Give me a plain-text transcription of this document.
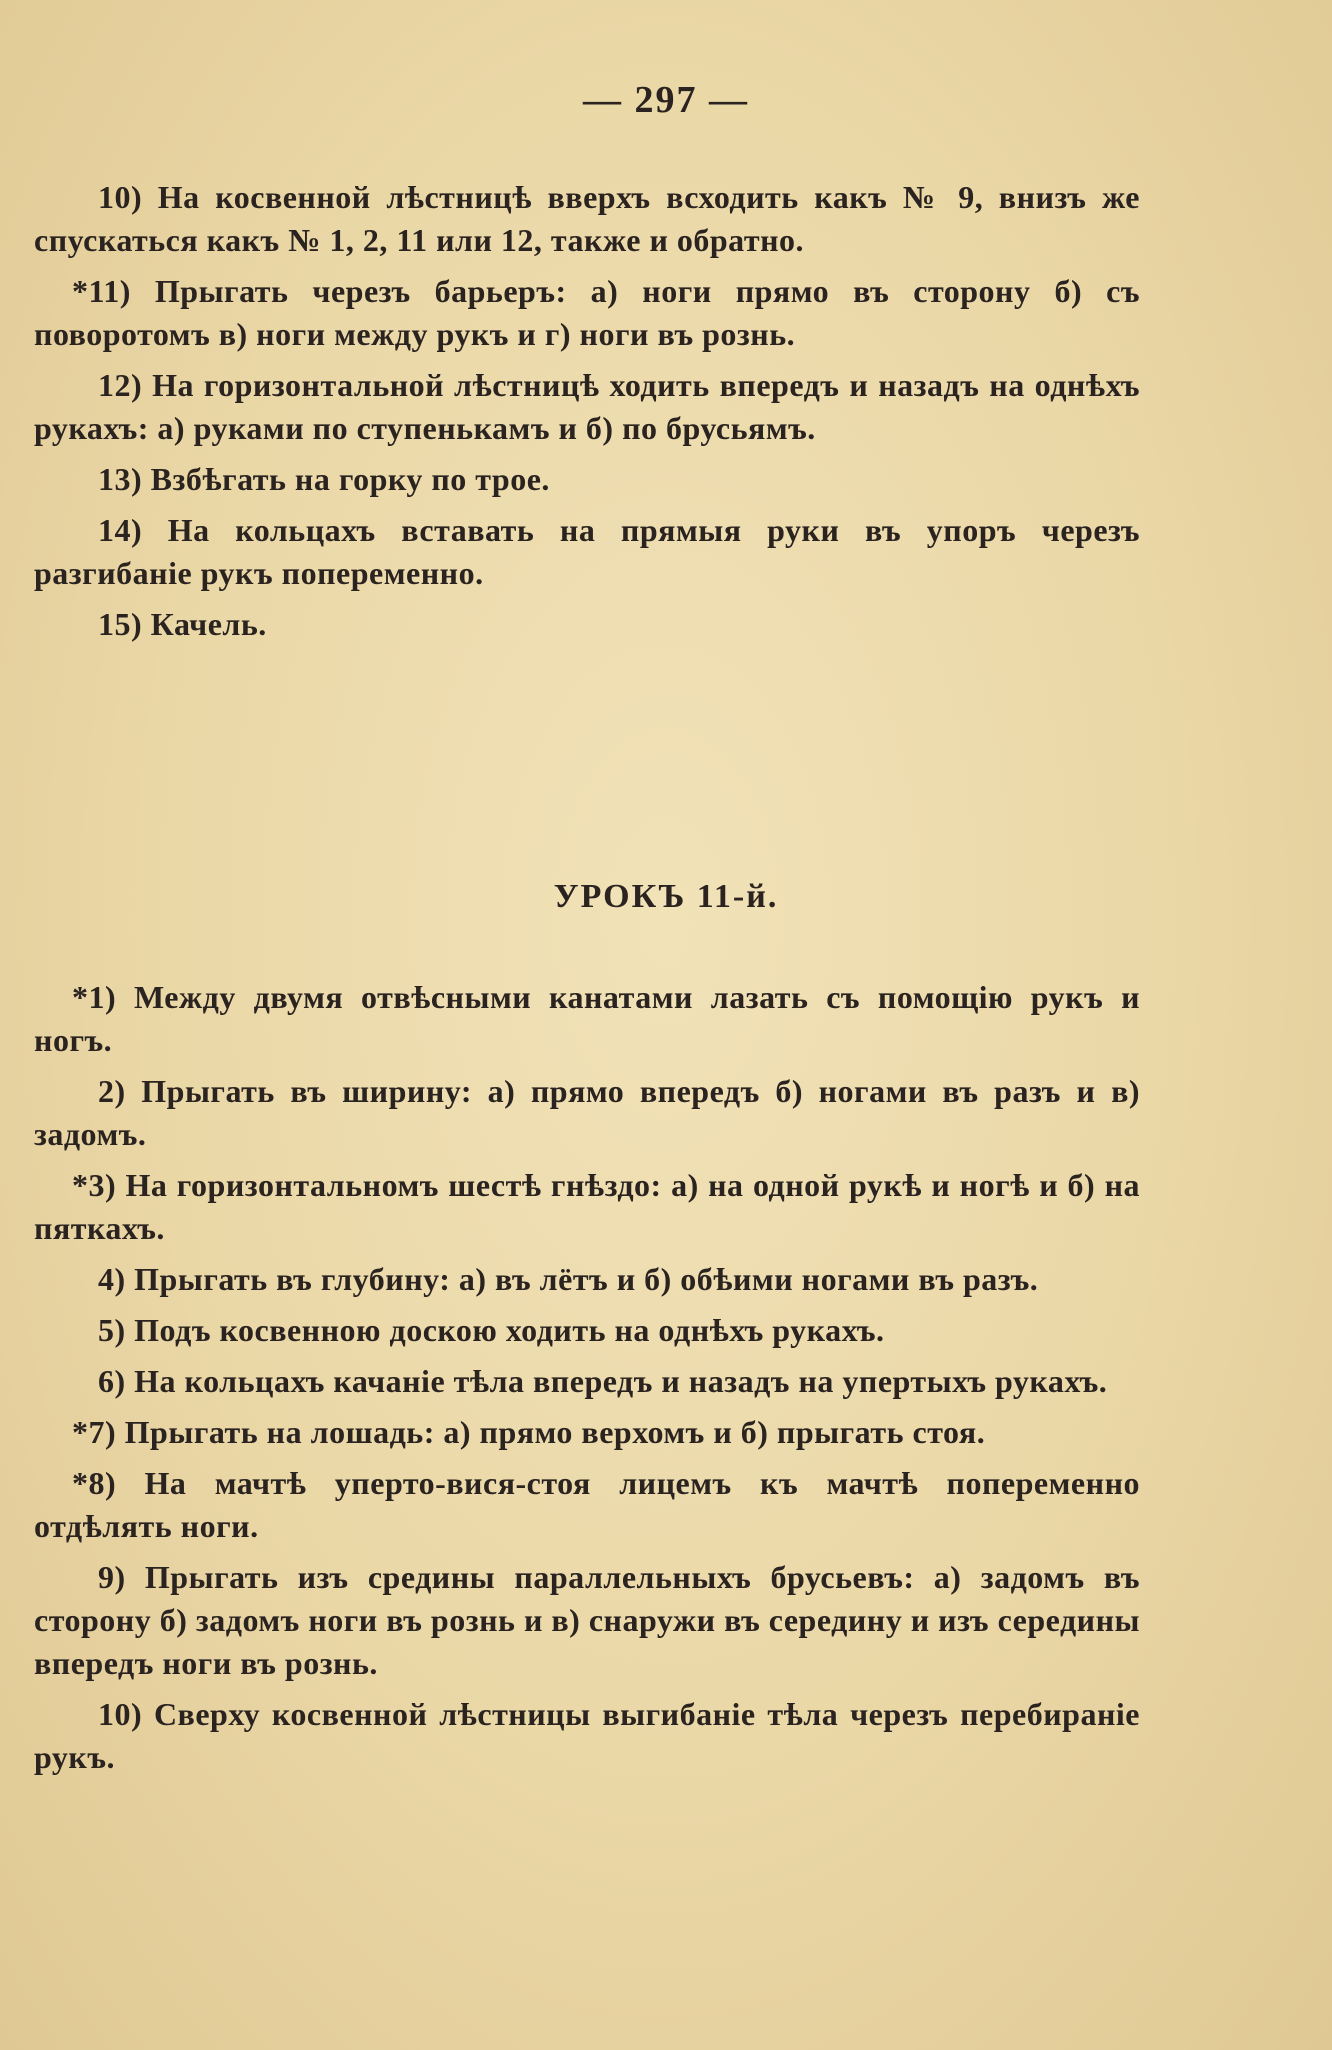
— 297 —

10) На косвенной лѣстницѣ вверхъ всходить какъ № 9, внизъ же спускаться какъ № 1, 2, 11 или 12, также и обратно.

*11) Прыгать черезъ барьеръ: а) ноги прямо въ сторону б) съ поворотомъ в) ноги между рукъ и г) ноги въ рознь.

12) На горизонтальной лѣстницѣ ходить впередъ и назадъ на однѣхъ рукахъ: а) руками по ступенькамъ и б) по брусьямъ.

13) Взбѣгать на горку по трое.

14) На кольцахъ вставать на прямыя руки въ упоръ черезъ разгибанiе рукъ попеременно.

15) Качель.

УРОКЪ 11-й.

*1) Между двумя отвѣсными канатами лазать съ помощiю рукъ и ногъ.

2) Прыгать въ ширину: а) прямо впередъ б) ногами въ разъ и в) задомъ.

*3) На горизонтальномъ шестѣ гнѣздо: а) на одной рукѣ и ногѣ и б) на пяткахъ.

4) Прыгать въ глубину: а) въ лётъ и б) обѣими ногами въ разъ.

5) Подъ косвенною доскою ходить на однѣхъ рукахъ.

6) На кольцахъ качанiе тѣла впередъ и назадъ на упертыхъ рукахъ.

*7) Прыгать на лошадь: а) прямо верхомъ и б) прыгать стоя.

*8) На мачтѣ уперто-вися-стоя лицемъ къ мачтѣ попеременно отдѣлять ноги.

9) Прыгать изъ средины параллельныхъ брусьевъ: а) задомъ въ сторону б) задомъ ноги въ рознь и в) снаружи въ середину и изъ середины впередъ ноги въ рознь.

10) Сверху косвенной лѣстницы выгибанiе тѣла черезъ перебиранiе рукъ.
